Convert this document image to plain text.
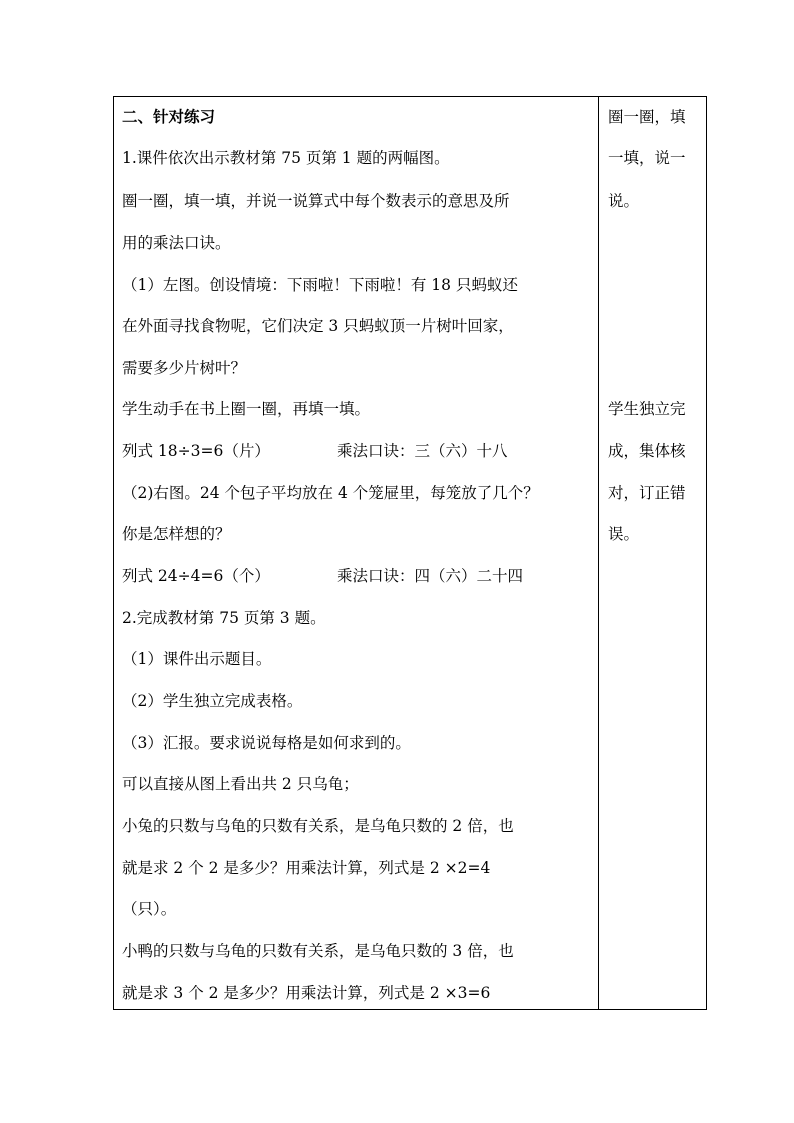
二、针对练习
1.课件依次出示教材第 75 页第 1 题的两幅图。
圈一圈，填一填，并说一说算式中每个数表示的意思及所
用的乘法口诀。
（1）左图。创设情境：下雨啦！下雨啦！有 18 只蚂蚁还
在外面寻找食物呢，它们决定 3 只蚂蚁顶一片树叶回家，
需要多少片树叶？
学生动手在书上圈一圈，再填一填。
列式 18÷3=6（片）	乘法口诀：三（六）十八
（2)右图。24 个包子平均放在 4 个笼屉里，每笼放了几个？
你是怎样想的？
列式 24÷4=6（个）	乘法口诀：四（六）二十四
2.完成教材第 75 页第 3 题。
（1）课件出示题目。
（2）学生独立完成表格。
（3）汇报。要求说说每格是如何求到的。
可以直接从图上看出共 2 只乌龟；
小兔的只数与乌龟的只数有关系，是乌龟只数的 2 倍，也
就是求 2 个 2 是多少？用乘法计算，列式是 2 ×2=4
（只）。
小鸭的只数与乌龟的只数有关系，是乌龟只数的 3 倍，也
就是求 3 个 2 是多少？用乘法计算，列式是 2 ×3=6
圈一圈，填
一填，说一
说。
学生独立完
成，集体核
对，订正错
误。
